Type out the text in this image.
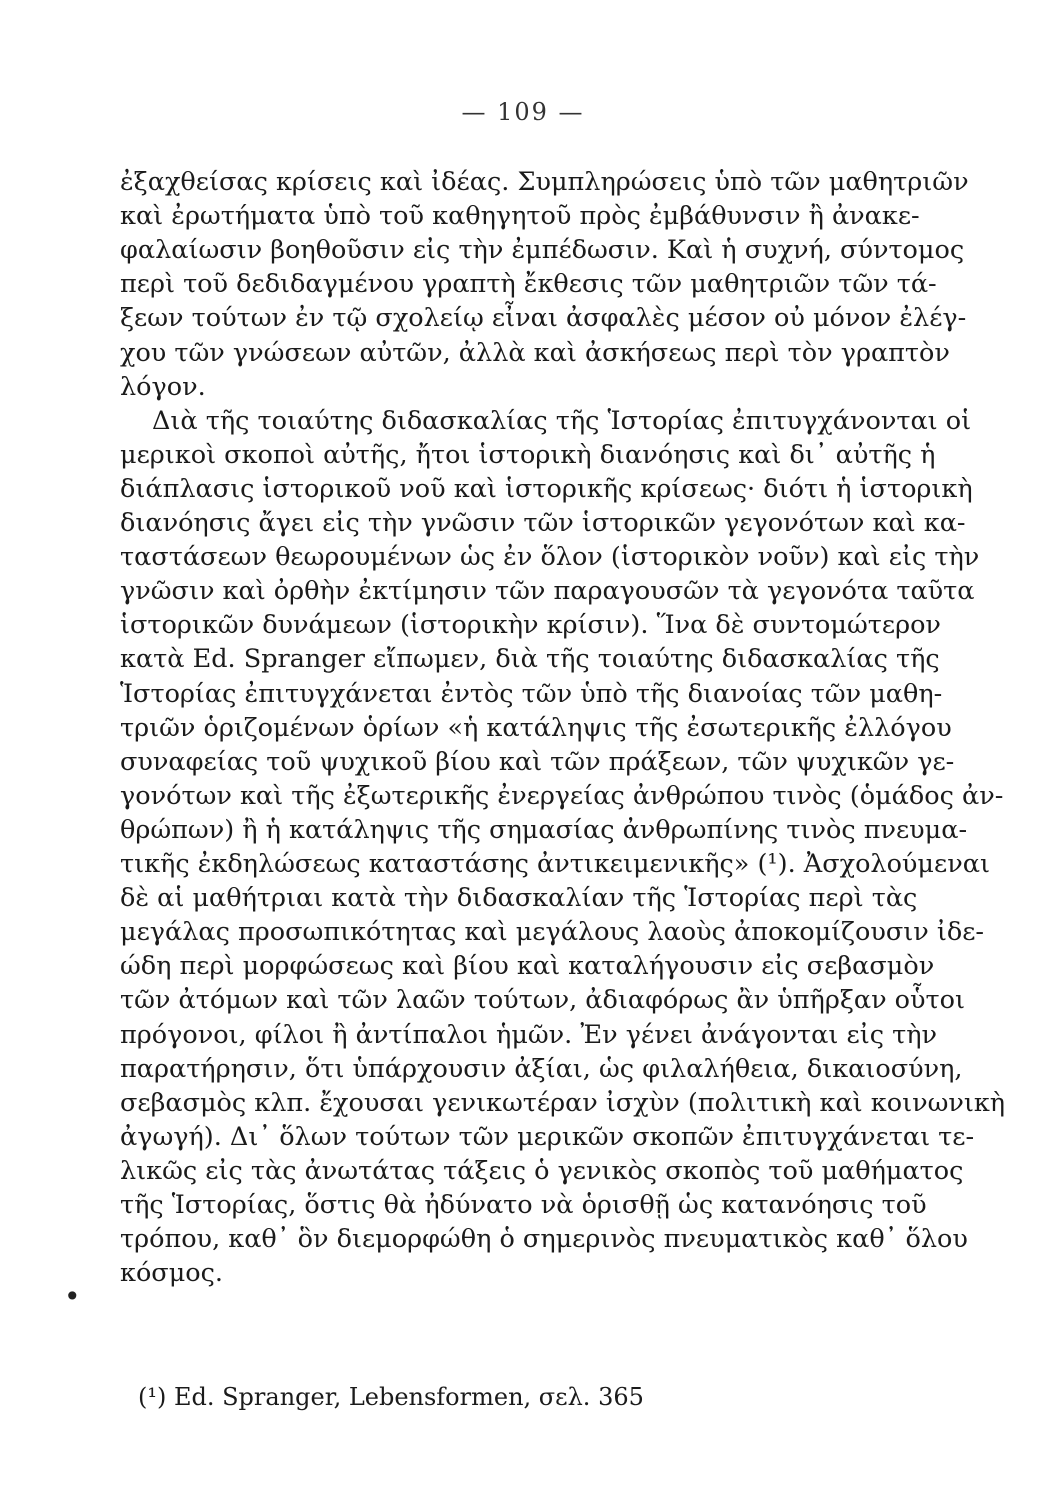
— 109 —
ἐξαχθείσας κρίσεις καὶ ἰδέας. Συμπληρώσεις ὑπὸ τῶν μαθητριῶν
καὶ ἐρωτήματα ὑπὸ τοῦ καθηγητοῦ πρὸς ἐμβάθυνσιν ἢ ἀνακε-
φαλαίωσιν βοηθοῦσιν εἰς τὴν ἐμπέδωσιν. Καὶ ἡ συχνή, σύντομος
περὶ τοῦ δεδιδαγμένου γραπτὴ ἔκθεσις τῶν μαθητριῶν τῶν τά-
ξεων τούτων ἐν τῷ σχολείῳ εἶναι ἀσφαλὲς μέσον οὐ μόνον ἐλέγ-
χου τῶν γνώσεων αὐτῶν, ἀλλὰ καὶ ἀσκήσεως περὶ τὸν γραπτὸν
λόγον.
Διὰ τῆς τοιαύτης διδασκαλίας τῆς Ἱστορίας ἐπιτυγχάνονται οἱ
μερικοὶ σκοποὶ αὐτῆς, ἤτοι ἱστορικὴ διανόησις καὶ δι᾿ αὐτῆς ἡ
διάπλασις ἱστορικοῦ νοῦ καὶ ἱστορικῆς κρίσεως· διότι ἡ ἱστορικὴ
διανόησις ἄγει εἰς τὴν γνῶσιν τῶν ἱστορικῶν γεγονότων καὶ κα-
ταστάσεων θεωρουμένων ὡς ἐν ὅλον (ἱστορικὸν νοῦν) καὶ εἰς τὴν
γνῶσιν καὶ ὀρθὴν ἐκτίμησιν τῶν παραγουσῶν τὰ γεγονότα ταῦτα
ἱστορικῶν δυνάμεων (ἱστορικὴν κρίσιν). Ἵνα δὲ συντομώτερον
κατὰ Ed. Spranger εἴπωμεν, διὰ τῆς τοιαύτης διδασκαλίας τῆς
Ἱστορίας ἐπιτυγχάνεται ἐντὸς τῶν ὑπὸ τῆς διανοίας τῶν μαθη-
τριῶν ὁριζομένων ὁρίων «ἡ κατάληψις τῆς ἐσωτερικῆς ἐλλόγου
συναφείας τοῦ ψυχικοῦ βίου καὶ τῶν πράξεων, τῶν ψυχικῶν γε-
γονότων καὶ τῆς ἐξωτερικῆς ἐνεργείας ἀνθρώπου τινὸς (ὁμάδος ἀν-
θρώπων) ἢ ἡ κατάληψις τῆς σημασίας ἀνθρωπίνης τινὸς πνευμα-
τικῆς ἐκδηλώσεως καταστάσης ἀντικειμενικῆς» (¹). Ἀσχολούμεναι
δὲ αἱ μαθήτριαι κατὰ τὴν διδασκαλίαν τῆς Ἱστορίας περὶ τὰς
μεγάλας προσωπικότητας καὶ μεγάλους λαοὺς ἀποκομίζουσιν ἰδε-
ώδη περὶ μορφώσεως καὶ βίου καὶ καταλήγουσιν εἰς σεβασμὸν
τῶν ἀτόμων καὶ τῶν λαῶν τούτων, ἀδιαφόρως ἂν ὑπῆρξαν οὗτοι
πρόγονοι, φίλοι ἢ ἀντίπαλοι ἡμῶν. Ἐν γένει ἀνάγονται εἰς τὴν
παρατήρησιν, ὅτι ὑπάρχουσιν ἀξίαι, ὡς φιλαλήθεια, δικαιοσύνη,
σεβασμὸς κλπ. ἔχουσαι γενικωτέραν ἰσχὺν (πολιτικὴ καὶ κοινωνικὴ
ἀγωγή). Δι᾿ ὅλων τούτων τῶν μερικῶν σκοπῶν ἐπιτυγχάνεται τε-
λικῶς εἰς τὰς ἀνωτάτας τάξεις ὁ γενικὸς σκοπὸς τοῦ μαθήματος
τῆς Ἱστορίας, ὅστις θὰ ἠδύνατο νὰ ὁρισθῇ ὡς κατανόησις τοῦ
τρόπου, καθ᾿ ὃν διεμορφώθη ὁ σημερινὸς πνευματικὸς καθ᾿ ὅλου
κόσμος.
•
(¹) Ed. Spranger, Lebensformen, σελ. 365
